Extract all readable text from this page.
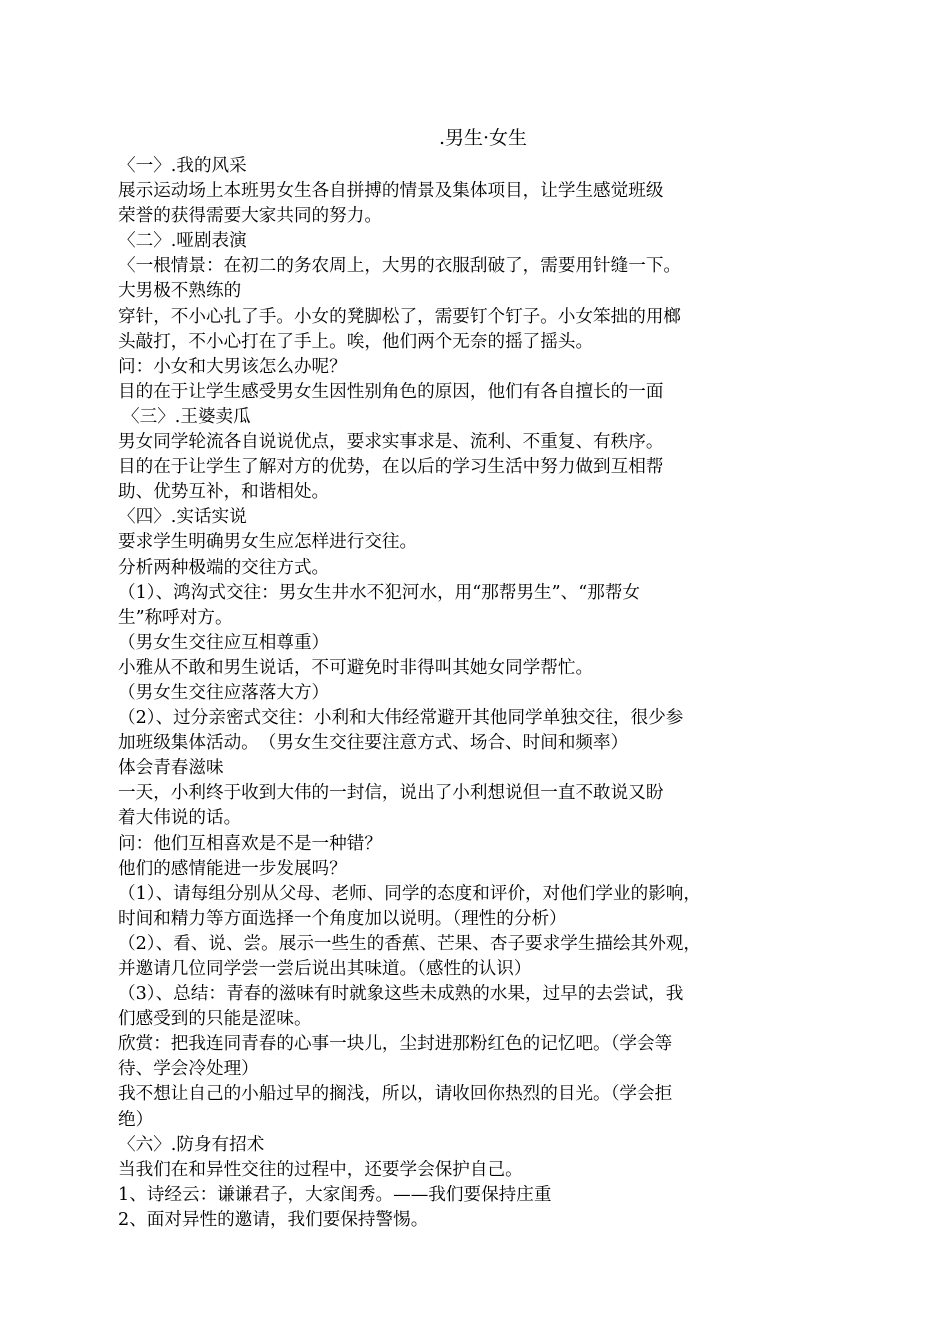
.男生·女生
〈一〉.我的风采
展示运动场上本班男女生各自拼搏的情景及集体项目，让学生感觉班级
荣誉的获得需要大家共同的努力。
〈二〉.哑剧表演
〈一根情景：在初二的务农周上，大男的衣服刮破了，需要用针缝一下。
大男极不熟练的
穿针，不小心扎了手。小女的凳脚松了，需要钉个钉子。小女笨拙的用榔
头敲打，不小心打在了手上。唉，他们两个无奈的摇了摇头。
问：小女和大男该怎么办呢？
目的在于让学生感受男女生因性别角色的原因，他们有各自擅长的一面
〈三〉.王婆卖瓜
男女同学轮流各自说说优点，要求实事求是、流利、不重复、有秩序。
目的在于让学生了解对方的优势，在以后的学习生活中努力做到互相帮
助、优势互补，和谐相处。
〈四〉.实话实说
要求学生明确男女生应怎样进行交往。
分析两种极端的交往方式。
（1）、鸿沟式交往：男女生井水不犯河水，用“那帮男生”、“那帮女
生”称呼对方。
（男女生交往应互相尊重）
小雅从不敢和男生说话，不可避免时非得叫其她女同学帮忙。
（男女生交往应落落大方）
（2）、过分亲密式交往：小利和大伟经常避开其他同学单独交往，很少参
加班级集体活动。　（男女生交往要注意方式、场合、时间和频率）
体会青春滋味
一天，小利终于收到大伟的一封信，说出了小利想说但一直不敢说又盼
着大伟说的话。
问：他们互相喜欢是不是一种错？
他们的感情能进一步发展吗？
（1）、请每组分别从父母、老师、同学的态度和评价，对他们学业的影响，
时间和精力等方面选择一个角度加以说明。（理性的分析）
（2）、看、说、尝。展示一些生的香蕉、芒果、杏子要求学生描绘其外观，
并邀请几位同学尝一尝后说出其味道。（感性的认识）
（3）、总结：青春的滋味有时就象这些未成熟的水果，过早的去尝试，我
们感受到的只能是涩味。
欣赏：把我连同青春的心事一块儿，尘封进那粉红色的记忆吧。（学会等
待、学会冷处理）
我不想让自己的小船过早的搁浅，所以，请收回你热烈的目光。（学会拒
绝）
〈六〉.防身有招术
当我们在和异性交往的过程中，还要学会保护自己。
1、诗经云：谦谦君子，大家闺秀。——我们要保持庄重
2、面对异性的邀请，我们要保持警惕。
